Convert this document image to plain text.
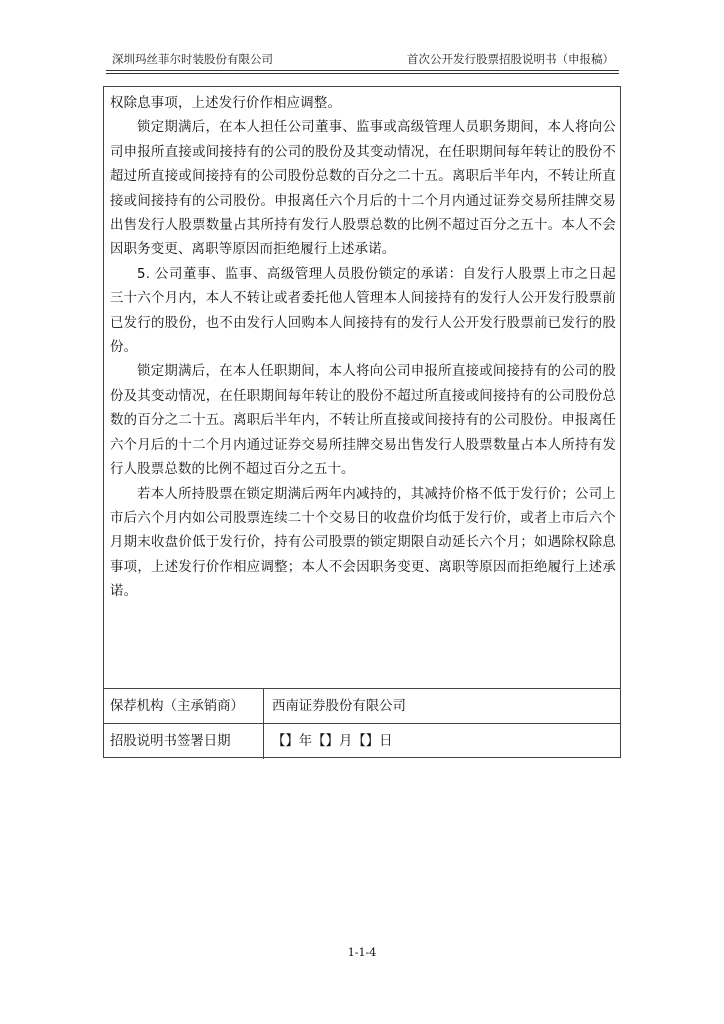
深圳玛丝菲尔时装股份有限公司	首次公开发行股票招股说明书（申报稿）

权除息事项，上述发行价作相应调整。

锁定期满后，在本人担任公司董事、监事或高级管理人员职务期间，本人将向公司申报所直接或间接持有的公司的股份及其变动情况，在任职期间每年转让的股份不超过所直接或间接持有的公司股份总数的百分之二十五。离职后半年内，不转让所直接或间接持有的公司股份。申报离任六个月后的十二个月内通过证券交易所挂牌交易出售发行人股票数量占其所持有发行人股票总数的比例不超过百分之五十。本人不会因职务变更、离职等原因而拒绝履行上述承诺。

5. 公司董事、监事、高级管理人员股份锁定的承诺：自发行人股票上市之日起三十六个月内，本人不转让或者委托他人管理本人间接持有的发行人公开发行股票前已发行的股份，也不由发行人回购本人间接持有的发行人公开发行股票前已发行的股份。

锁定期满后，在本人任职期间，本人将向公司申报所直接或间接持有的公司的股份及其变动情况，在任职期间每年转让的股份不超过所直接或间接持有的公司股份总数的百分之二十五。离职后半年内，不转让所直接或间接持有的公司股份。申报离任六个月后的十二个月内通过证券交易所挂牌交易出售发行人股票数量占本人所持有发行人股票总数的比例不超过百分之五十。

若本人所持股票在锁定期满后两年内减持的，其减持价格不低于发行价；公司上市后六个月内如公司股票连续二十个交易日的收盘价均低于发行价，或者上市后六个月期末收盘价低于发行价，持有公司股票的锁定期限自动延长六个月；如遇除权除息事项，上述发行价作相应调整；本人不会因职务变更、离职等原因而拒绝履行上述承诺。

保荐机构（主承销商）	西南证券股份有限公司
招股说明书签署日期	【】年【】月【】日
1-1-4
